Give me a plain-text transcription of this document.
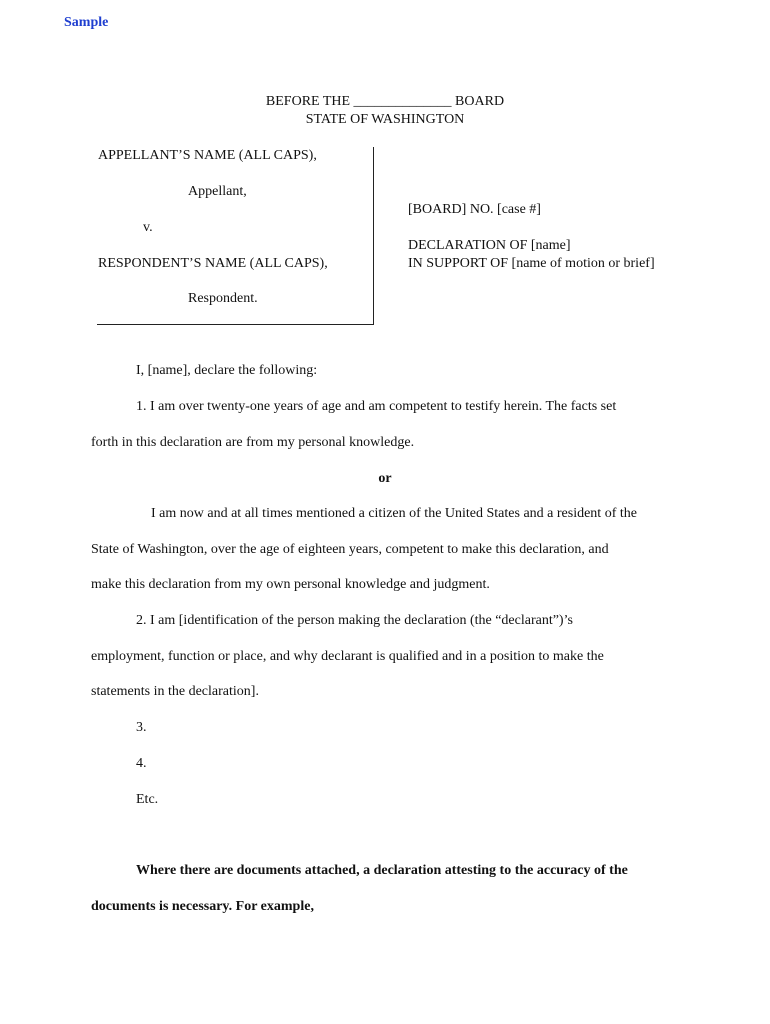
Sample
BEFORE THE ______________ BOARD
STATE OF WASHINGTON
APPELLANT’S NAME (ALL CAPS),
Appellant,
v.
RESPONDENT’S NAME (ALL CAPS),
Respondent.
[BOARD] NO. [case #]
DECLARATION OF [name]
IN SUPPORT OF [name of motion or brief]
I, [name], declare the following:
1. I am over twenty-one years of age and am competent to testify herein. The facts set
forth in this declaration are from my personal knowledge.
or
I am now and at all times mentioned a citizen of the United States and a resident of the
State of Washington, over the age of eighteen years, competent to make this declaration, and
make this declaration from my own personal knowledge and judgment.
2. I am [identification of the person making the declaration (the “declarant”)’s
employment, function or place, and why declarant is qualified and in a position to make the
statements in the declaration].
3.
4.
Etc.
Where there are documents attached, a declaration attesting to the accuracy of the
documents is necessary. For example,
